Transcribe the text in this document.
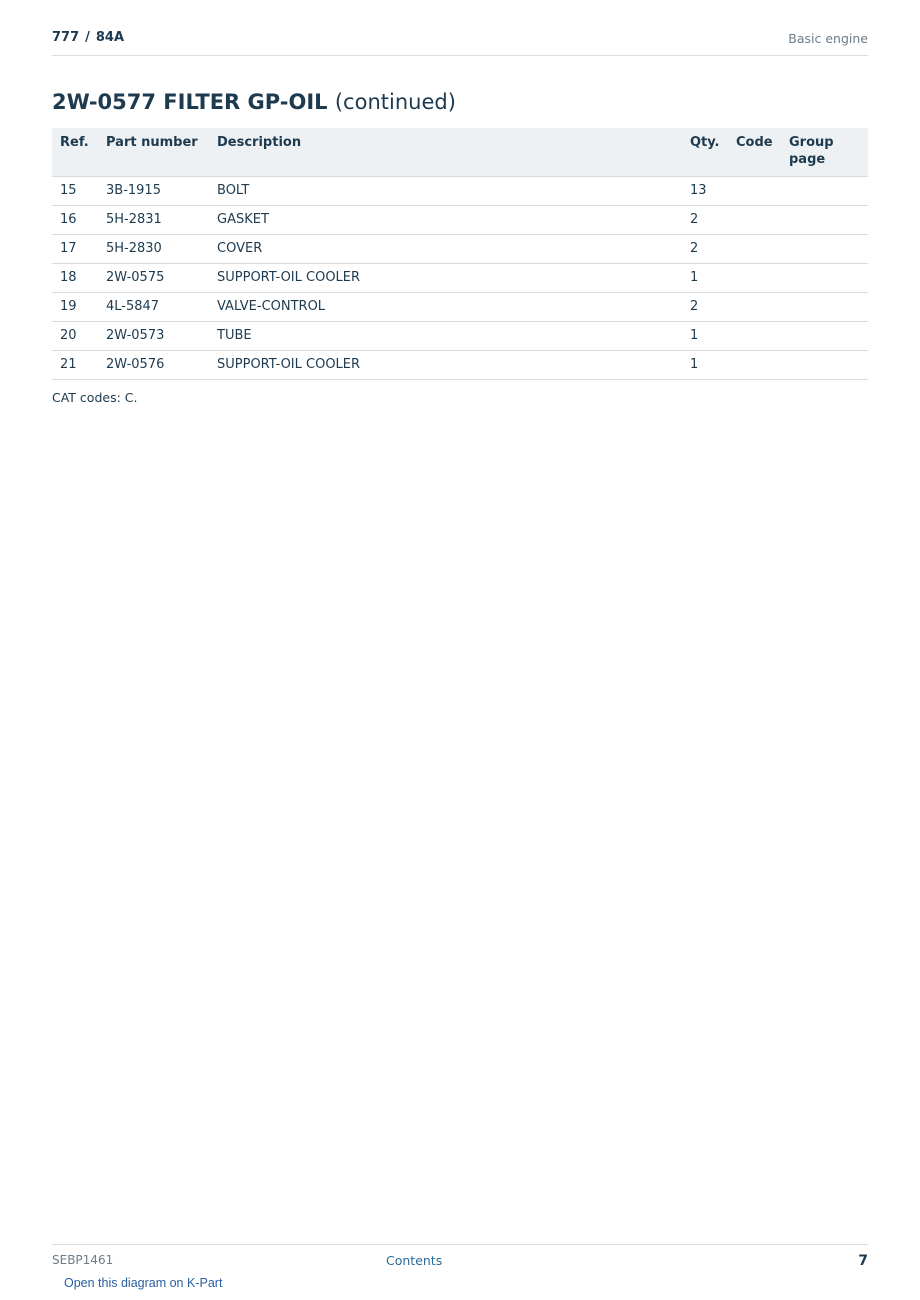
777 / 84A	Basic engine
2W-0577 FILTER GP-OIL (continued)
Ref.	Part number	Description	Qty.	Code	Group page
15	3B-1915	BOLT	13		
16	5H-2831	GASKET	2		
17	5H-2830	COVER	2		
18	2W-0575	SUPPORT-OIL COOLER	1		
19	4L-5847	VALVE-CONTROL	2		
20	2W-0573	TUBE	1		
21	2W-0576	SUPPORT-OIL COOLER	1		
CAT codes: C.
SEBP1461	Contents	7
Open this diagram on K-Part
